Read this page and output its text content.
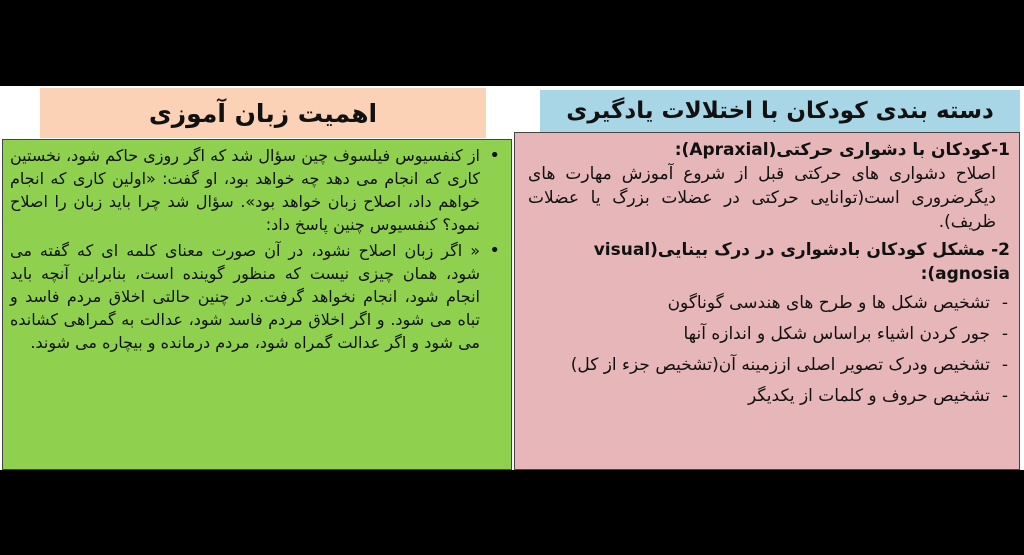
اهمیت زبان آموزی	دسته بندی کودکان با اختلالات یادگیری
• از کنفسیوس فیلسوف چین سؤال شد که اگر روزی حاکم شود، نخستین کاری که انجام می دهد چه خواهد بود، او گفت: «اولین کاری که انجام خواهم داد، اصلاح زبان خواهد بود». سؤال شد چرا باید زبان را اصلاح نمود؟ کنفسیوس چنین پاسخ داد:
• « اگر زبان اصلاح نشود، در آن صورت معنای کلمه ای که گفته می شود، همان چیزی نیست که منظور گوینده است، بنابراین آنچه باید انجام شود، انجام نخواهد گرفت. در چنین حالتی اخلاق مردم فاسد و تباه می شود. و اگر اخلاق مردم فاسد شود، عدالت به گمراهی کشانده می شود و اگر عدالت گمراه شود، مردم درمانده و بیچاره می شوند.
1-کودکان با دشواری حرکتی(Apraxial):
اصلاح دشواری های حرکتی قبل از شروع آموزش مهارت های دیگرضروری است(توانایی حرکتی در عضلات بزرگ یا عضلات ظریف).
2- مشکل کودکان بادشواری در درک بینایی(visual agnosia):
- تشخیص شکل ها و طرح های هندسی گوناگون
- جور کردن اشیاء براساس شکل و اندازه آنها
- تشخیص ودرک تصویر اصلی اززمینه آن(تشخیص جزء از کل)
- تشخیص حروف و کلمات از یکدیگر
